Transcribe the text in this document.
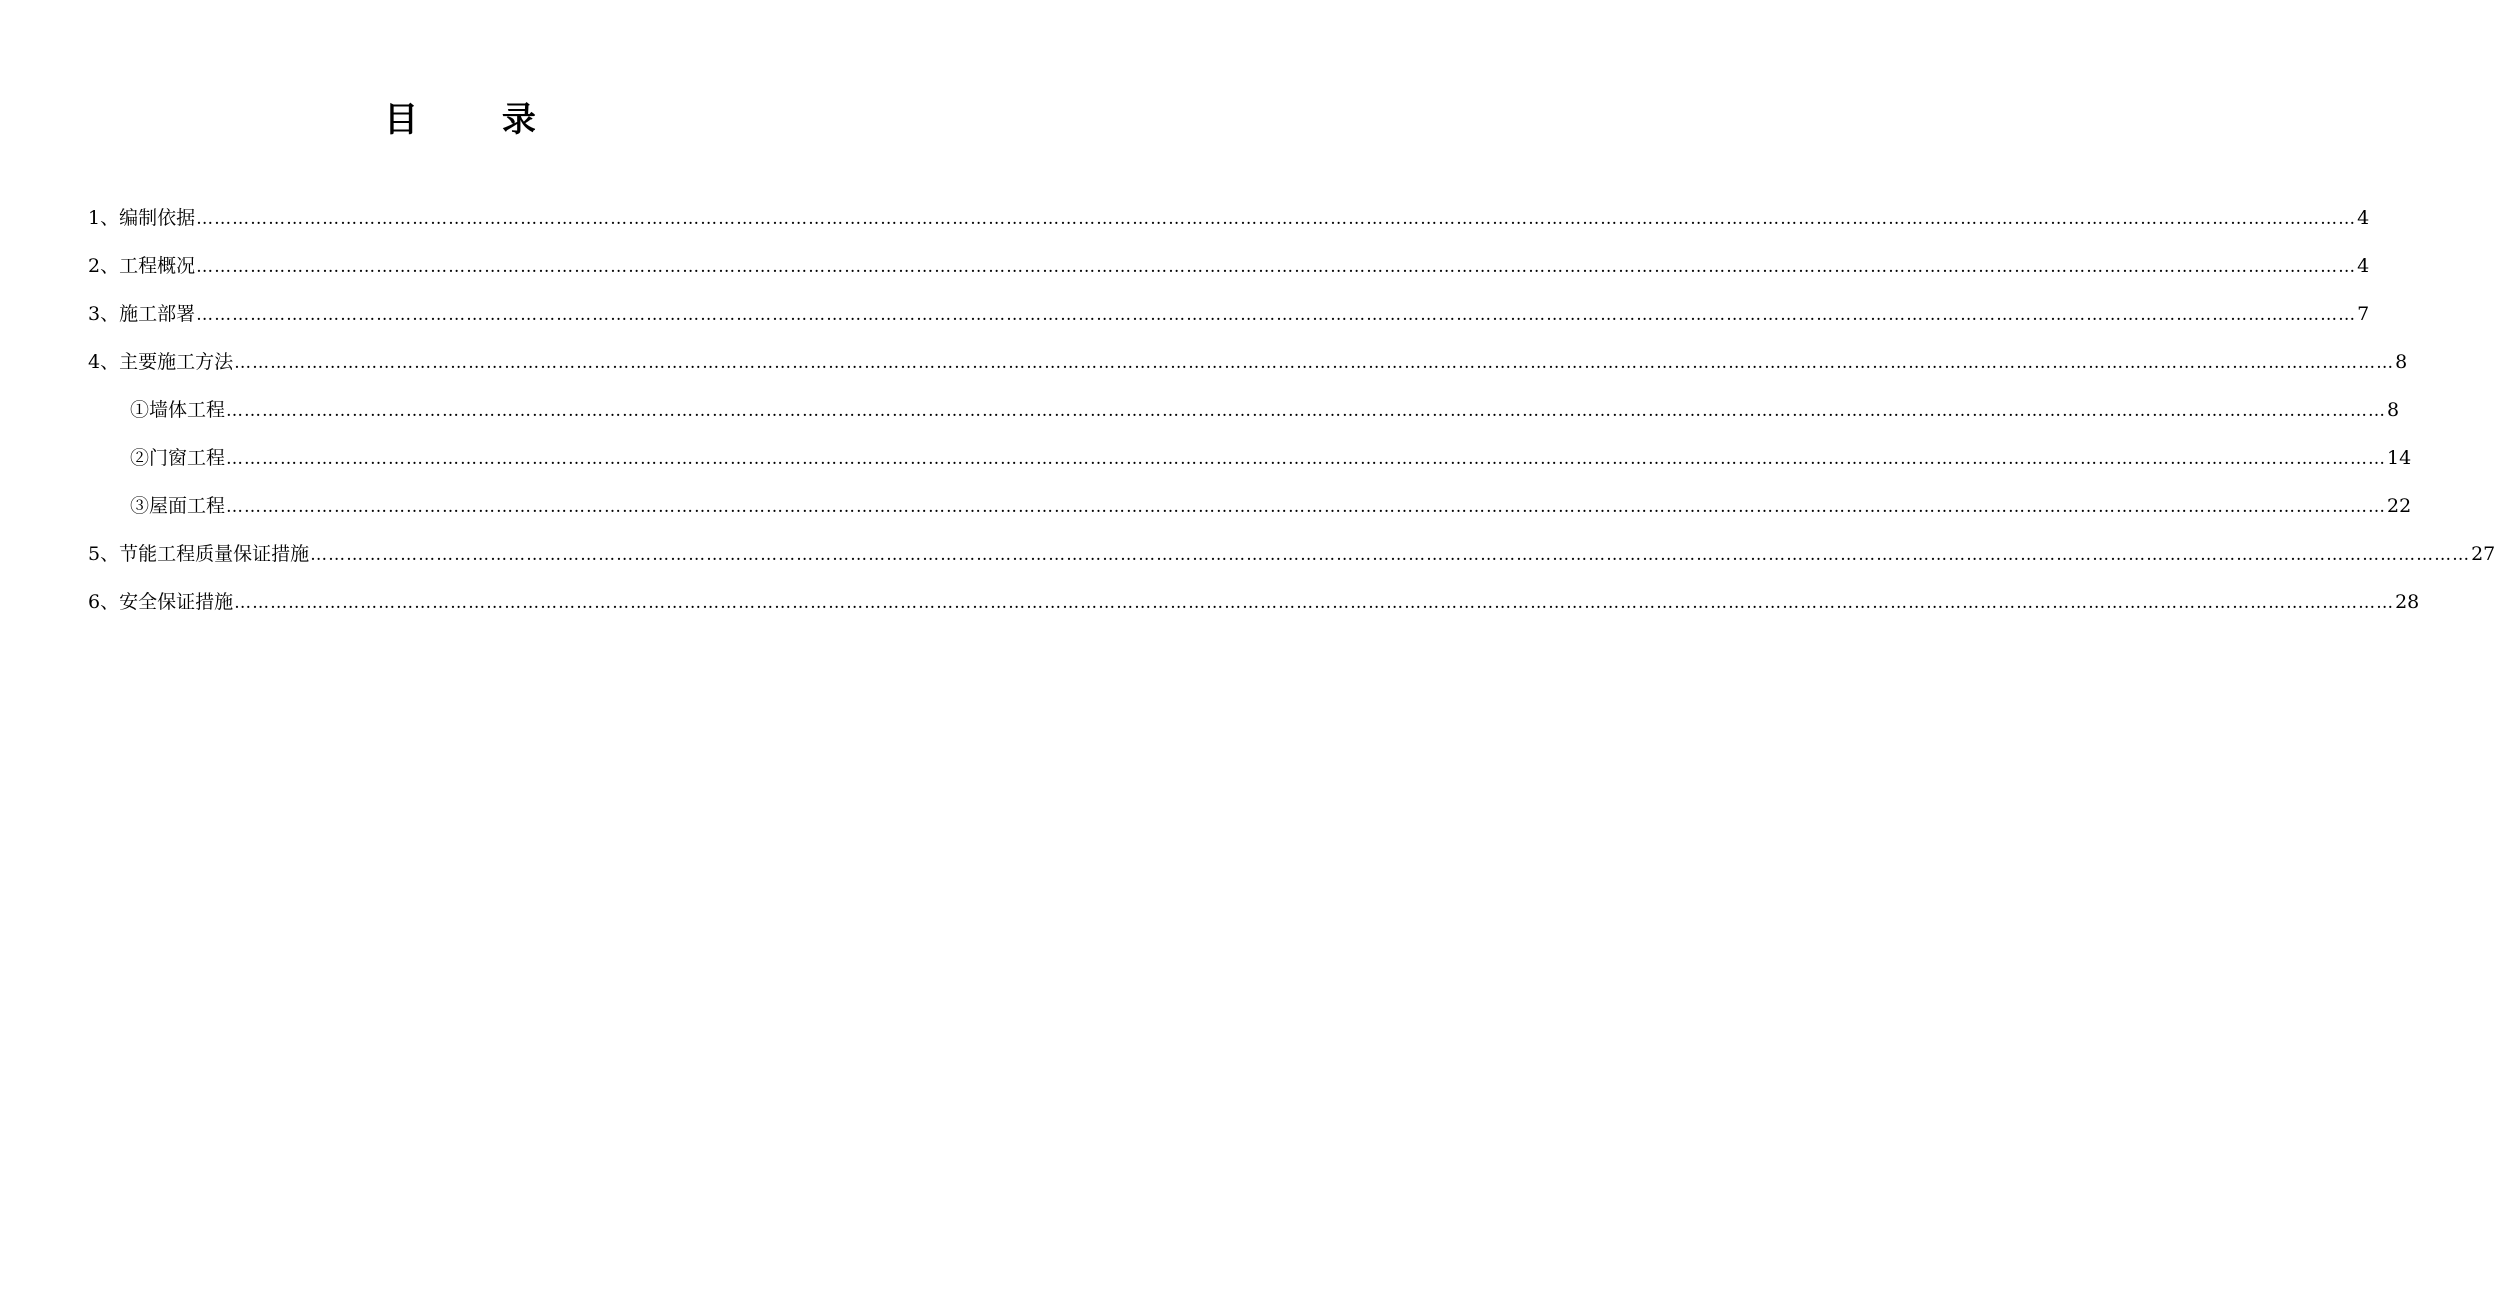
目 录
1、编制依据 ……………………………………………………………………………………………………………………………………………………………………………………………………………………………………………………………………………………………………………………………… 4
2、工程概况 ……………………………………………………………………………………………………………………………………………………………………………………………………………………………………………………………………………………………………………………………… 4
3、施工部署 ……………………………………………………………………………………………………………………………………………………………………………………………………………………………………………………………………………………………………………………………… 7
4、主要施工方法 ……………………………………………………………………………………………………………………………………………………………………………………………………………………………………………………………………………………………………………………………… 8
①墙体工程 ……………………………………………………………………………………………………………………………………………………………………………………………………………………………………………………………………………………………………………………………… 8
②门窗工程 ……………………………………………………………………………………………………………………………………………………………………………………………………………………………………………………………………………………………………………………………… 14
③屋面工程 ……………………………………………………………………………………………………………………………………………………………………………………………………………………………………………………………………………………………………………………………… 22
5、节能工程质量保证措施 ……………………………………………………………………………………………………………………………………………………………………………………………………………………………………………………………………………………………………………………………… 27
6、安全保证措施 ……………………………………………………………………………………………………………………………………………………………………………………………………………………………………………………………………………………………………………………………… 28
